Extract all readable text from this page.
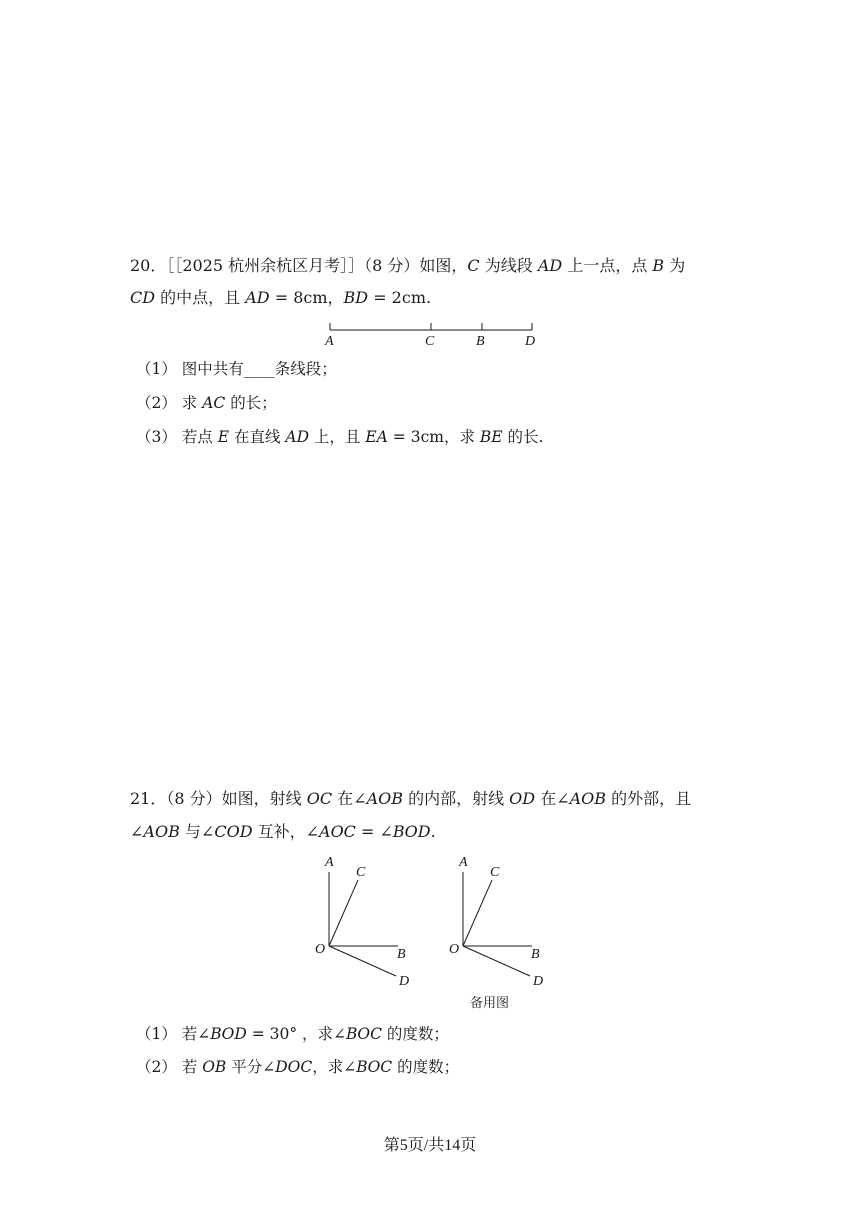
20．［［2025 杭州余杭区月考］］（8 分）如图，𝐶 为线段 𝐴𝐷 上一点，点 𝐵 为
𝐶𝐷 的中点，且 𝐴𝐷 = 8cm，𝐵𝐷 = 2cm.
A	C	B	D
（1） 图中共有____条线段；
（2） 求 𝐴𝐶 的长；
（3） 若点 𝐸 在直线 𝐴𝐷 上，且 𝐸𝐴 = 3cm，求 𝐵𝐸 的长.
21．（8 分）如图，射线 𝑂𝐶 在∠𝐴𝑂𝐵 的内部，射线 𝑂𝐷 在∠𝐴𝑂𝐵 的外部，且
∠𝐴𝑂𝐵 与∠𝐶𝑂𝐷 互补，∠𝐴𝑂𝐶 = ∠𝐵𝑂𝐷.
A
C
O	B
D
A
C
O	B
D
备用图
（1） 若∠𝐵𝑂𝐷 = 30° ，求∠𝐵𝑂𝐶 的度数；
（2） 若 𝑂𝐵 平分∠𝐷𝑂𝐶，求∠𝐵𝑂𝐶 的度数；
第5页/共14页
